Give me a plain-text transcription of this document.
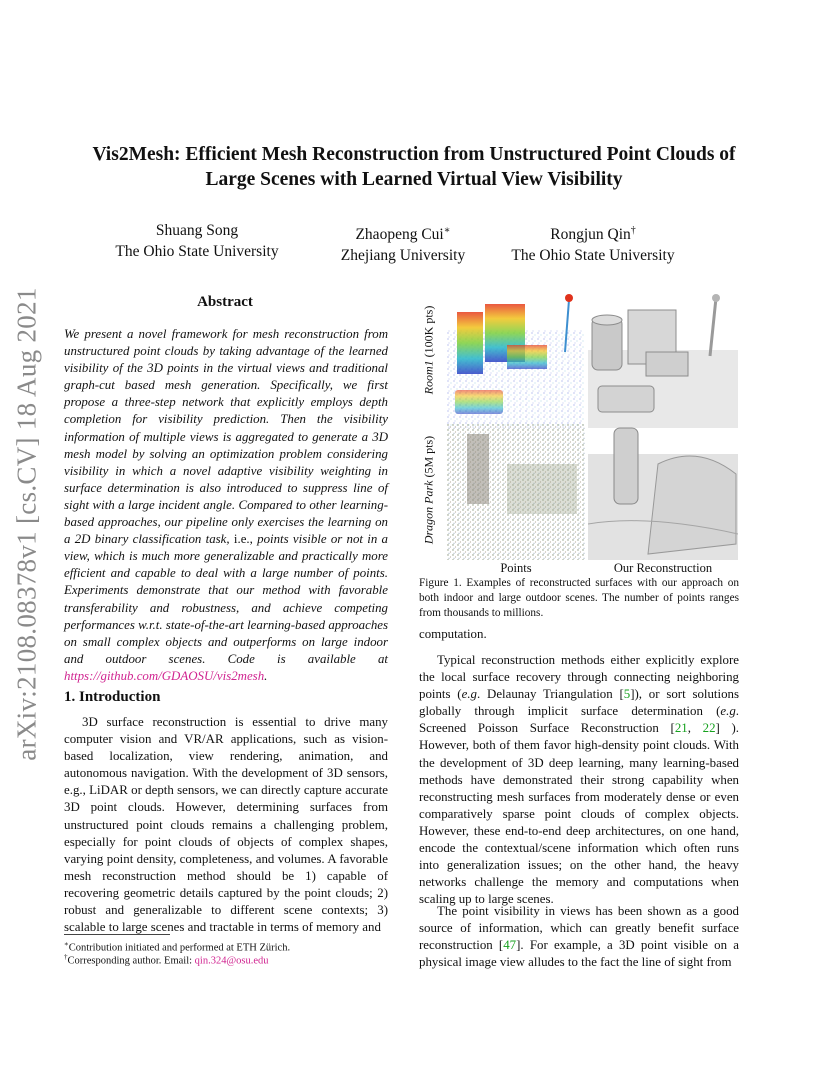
Vis2Mesh: Efficient Mesh Reconstruction from Unstructured Point Clouds of
Large Scenes with Learned Virtual View Visibility
Shuang Song
The Ohio State University
Zhaopeng Cui∗
Zhejiang University
Rongjun Qin†
The Ohio State University
arXiv:2108.08378v1 [cs.CV] 18 Aug 2021	Abstract
We present a novel framework for mesh reconstruction from unstructured point clouds by taking advantage of the learned visibility of the 3D points in the virtual views and traditional graph-cut based mesh generation. Specifically, we first propose a three-step network that explicitly employs depth completion for visibility prediction. Then the visibility information of multiple views is aggregated to generate a 3D mesh model by solving an optimization problem considering visibility in which a novel adaptive visibility weighting in surface determination is also introduced to suppress line of sight with a large incident angle. Compared to other learning-based approaches, our pipeline only exercises the learning on a 2D binary classification task, i.e., points visible or not in a view, which is much more generalizable and practically more efficient and capable to deal with a large number of points. Experiments demonstrate that our method with favorable transferability and robustness, and achieve competing performances w.r.t. state-of-the-art learning-based approaches on small complex objects and outperforms on large indoor and outdoor scenes. Code is available at https://github.com/GDAOSU/vis2mesh.
1. Introduction
3D surface reconstruction is essential to drive many computer vision and VR/AR applications, such as vision-based localization, view rendering, animation, and autonomous navigation. With the development of 3D sensors, e.g., LiDAR or depth sensors, we can directly capture accurate 3D point clouds. However, determining surfaces from unstructured point clouds remains a challenging problem, especially for point clouds of objects of complex shapes, varying point density, completeness, and volumes. A favorable mesh reconstruction method should be 1) capable of recovering geometric details captured by the point clouds; 2) robust and generalizable to different scene contexts; 3) scalable to large scenes and tractable in terms of memory and
∗Contribution initiated and performed at ETH Zürich.
†Corresponding author. Email: qin.324@osu.edu
Room1 (100K pts)
Dragon Park (5M pts)
Points	Our Reconstruction
Figure 1. Examples of reconstructed surfaces with our approach on both indoor and large outdoor scenes. The number of points ranges from thousands to millions.
computation.
Typical reconstruction methods either explicitly explore the local surface recovery through connecting neighboring points (e.g. Delaunay Triangulation [5]), or sort solutions globally through implicit surface determination (e.g. Screened Poisson Surface Reconstruction [21, 22] ). However, both of them favor high-density point clouds. With the development of 3D deep learning, many learning-based methods have demonstrated their strong capability when reconstructing mesh surfaces from moderately dense or even comparatively sparse point clouds of complex objects. However, these end-to-end deep architectures, on one hand, encode the contextual/scene information which often runs into generalization issues; on the other hand, the heavy networks challenge the memory and computations when scaling up to large scenes.
The point visibility in views has been shown as a good source of information, which can greatly benefit surface reconstruction [47]. For example, a 3D point visible on a physical image view alludes to the fact the line of sight from
